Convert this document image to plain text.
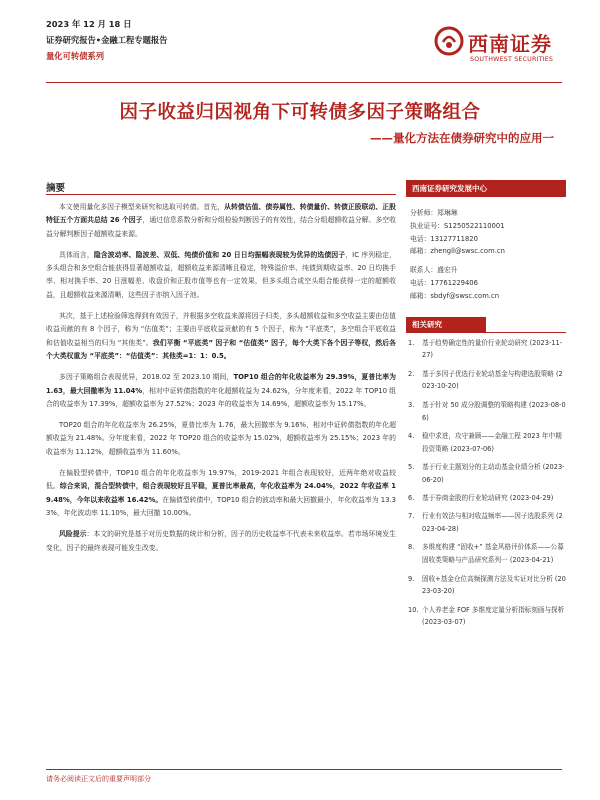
2023 年 12 月 18 日
证券研究报告•金融工程专题报告
量化可转债系列	西南证券
SOUTHWEST SECURITIES
因子收益归因视角下可转债多因子策略组合
——量化方法在债券研究中的应用一
摘要

本文使用量化多因子模型来研究和选取可转债。首先，从转债估值、债券属性、转债量价、转债正股联动、正股特征五个方面共总结 26 个因子，通过信息系数分析和分组检验判断因子的有效性，结合分组超额收益分解、多空收益分解判断因子超额收益来源。

具体而言，隐含波动率、隐波差、双低、纯债价值和 20 日日均振幅表现较为优异的选债因子，IC 序列稳定，多头组合和多空组合能获得显著超额收益，超额收益来源清晰且稳定，特殊溢价率、纯债到期收益率、20 日均换手率、相对换手率、20 日涨幅差、收盘价和正股市值等也有一定效果，但多头组合或空头组合能获得一定的超额收益，且超额收益来源清晰，这些因子亦纳入因子池。

其次，基于上述检验筛选得到有效因子，并根据多空收益来源将因子归类，多头超额收益和多空收益主要由估值收益贡献的有 8 个因子，称为 “估值类”；主要由平底收益贡献的有 5 个因子，称为 “平底类”，多空组合平底收益和估值收益相当的归为 “其他类”。我们平衡 “平底类” 因子和 “估值类” 因子，每个大类下各个因子等权，然后各个大类权重为 “平底类”：“估值类”：其他类=1：1：0.5。

多因子策略组合表现优异，2018.02 至 2023.10 期间，TOP10 组合的年化收益率为 29.39%，夏普比率为 1.63，最大回撤率为 11.04%，相对中证转债指数的年化超额收益为 24.62%，分年度来看，2022 年 TOP10 组合的收益率为 17.39%，超额收益率为 27.52%；2023 年的收益率为 14.69%，超额收益率为 15.17%。

TOP20 组合的年化收益率为 26.25%，夏普比率为 1.76，最大回撤率为 9.16%，相对中证转债指数的年化超额收益为 21.48%。分年度来看，2022 年 TOP20 组合的收益率为 15.02%，超额收益率为 25.15%；2023 年的收益率为 11.12%，超额收益率为 11.60%。

在偏股型转债中，TOP10 组合的年化收益率为 19.97%，2019-2021 年组合表现较好，近两年绝对收益较低。综合来说，混合型转债中，组合表现较好且平稳，夏普比率最高，年化收益率为 24.04%，2022 年收益率 19.48%，今年以来收益率 16.42%。在偏债型转债中，TOP10 组合的波动率和最大回撤最小，年化收益率为 13.33%，年化波动率 11.10%，最大回撤 10.00%。

风险提示：本文的研究是基于对历史数据的统计和分析，因子的历史收益率不代表未来收益率。若市场环境发生变化，因子的最终表现可能发生改变。

西南证券研究发展中心
分析师：郑琳琳
执业证号：S1250522110001
电话：13127711820
邮箱：zhengll@swsc.com.cn
联系人：盛宏升
电话：17761229406
邮箱：sbdyf@swsc.com.cn
相关研究
1. 基于趋势确定性的量价行业轮动研究 (2023-11-27)
2. 基于多因子优选行业轮动基金与构建选股策略 (2023-10-20)
3. 基于针对 50 成分股调整的策略构建 (2023-08-06)
4. 稳中求进，攻守兼顾——金融工程 2023 年中期投资策略 (2023-07-06)
5. 基于行业主题划分的主动动基金业绩分析 (2023-06-20)
6. 基于券商金股的行业轮动研究 (2023-04-29)
7. 行业有效法与相对收益频率——因子选股系列 (2023-04-28)
8. 多维度构建 “固收+” 基金风格评价体系——公募固收类策略与产品研究系列一 (2023-04-21)
9. 固收+基金仓位高频探测方法及实证对比分析 (2023-03-20)
10. 个人养老金 FOF 多维度定量分析指标刻画与探析 (2023-03-07)
请务必阅读正文后的重要声明部分
